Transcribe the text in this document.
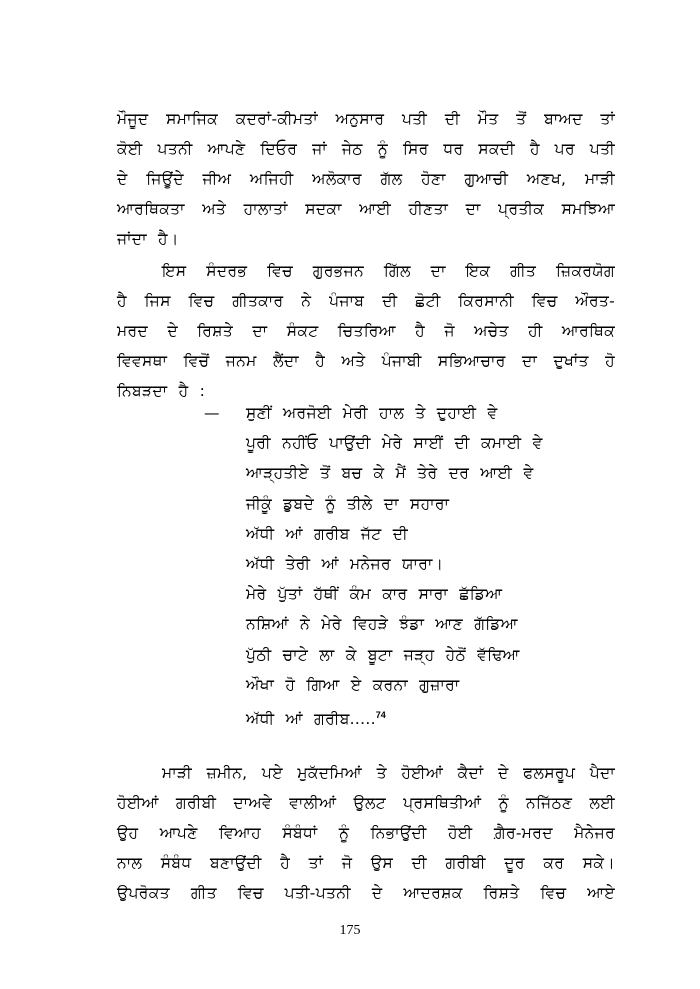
ਮੌਜੂਦ ਸਮਾਜਿਕ ਕਦਰਾਂ-ਕੀਮਤਾਂ ਅਨੁਸਾਰ ਪਤੀ ਦੀ ਮੌਤ ਤੋਂ ਬਾਅਦ ਤਾਂ
ਕੋਈ ਪਤਨੀ ਆਪਣੇ ਦਿਓਰ ਜਾਂ ਜੇਠ ਨੂੰ ਸਿਰ ਧਰ ਸਕਦੀ ਹੈ ਪਰ ਪਤੀ
ਦੇ ਜਿਊਂਦੇ ਜੀਅ ਅਜਿਹੀ ਅਲੋਕਾਰ ਗੱਲ ਹੋਣਾ ਗੁਆਚੀ ਅਣਖ, ਮਾੜੀ
ਆਰਥਿਕਤਾ ਅਤੇ ਹਾਲਾਤਾਂ ਸਦਕਾ ਆਈ ਹੀਣਤਾ ਦਾ ਪ੍ਰਤੀਕ ਸਮਝਿਆ
ਜਾਂਦਾ ਹੈ।
ਇਸ ਸੰਦਰਭ ਵਿਚ ਗੁਰਭਜਨ ਗਿੱਲ ਦਾ ਇਕ ਗੀਤ ਜ਼ਿਕਰਯੋਗ
ਹੈ ਜਿਸ ਵਿਚ ਗੀਤਕਾਰ ਨੇ ਪੰਜਾਬ ਦੀ ਛੋਟੀ ਕਿਰਸਾਨੀ ਵਿਚ ਔਰਤ-
ਮਰਦ ਦੇ ਰਿਸ਼ਤੇ ਦਾ ਸੰਕਟ ਚਿਤਰਿਆ ਹੈ ਜੋ ਅਚੇਤ ਹੀ ਆਰਥਿਕ
ਵਿਵਸਥਾ ਵਿਚੋਂ ਜਨਮ ਲੈਂਦਾ ਹੈ ਅਤੇ ਪੰਜਾਬੀ ਸਭਿਆਚਾਰ ਦਾ ਦੁਖਾਂਤ ਹੋ
ਨਿਬੜਦਾ ਹੈ :
— ਸੁਣੀਂ ਅਰਜੋਈ ਮੇਰੀ ਹਾਲ ਤੇ ਦੁਹਾਈ ਵੇ
ਪੂਰੀ ਨਹੀਂਓ ਪਾਉਂਦੀ ਮੇਰੇ ਸਾਈਂ ਦੀ ਕਮਾਈ ਵੇ
ਆੜ੍ਹਤੀਏ ਤੋਂ ਬਚ ਕੇ ਮੈਂ ਤੇਰੇ ਦਰ ਆਈ ਵੇ
ਜੀਕੂੰ ਡੁਬਦੇ ਨੂੰ ਤੀਲੇ ਦਾ ਸਹਾਰਾ
ਅੱਧੀ ਆਂ ਗਰੀਬ ਜੱਟ ਦੀ
ਅੱਧੀ ਤੇਰੀ ਆਂ ਮਨੇਜਰ ਯਾਰਾ।
ਮੇਰੇ ਪੁੱਤਾਂ ਹੱਥੀਂ ਕੰਮ ਕਾਰ ਸਾਰਾ ਛੱਡਿਆ
ਨਸ਼ਿਆਂ ਨੇ ਮੇਰੇ ਵਿਹੜੇ ਝੰਡਾ ਆਣ ਗੱਡਿਆ
ਪੁੱਠੀ ਚਾਟੇ ਲਾ ਕੇ ਬੂਟਾ ਜੜ੍ਹ ਹੇਠੋਂ ਵੱਢਿਆ
ਔਖਾ ਹੋ ਗਿਆ ਏ ਕਰਨਾ ਗੁਜ਼ਾਰਾ
ਅੱਧੀ ਆਂ ਗਰੀਬ.....$^{74}$
ਮਾੜੀ ਜ਼ਮੀਨ, ਪਏ ਮੁਕੱਦਮਿਆਂ ਤੇ ਹੋਈਆਂ ਕੈਦਾਂ ਦੇ ਫਲਸਰੂਪ ਪੈਦਾ
ਹੋਈਆਂ ਗਰੀਬੀ ਦਾਅਵੇ ਵਾਲੀਆਂ ਉਲਟ ਪ੍ਰਸਥਿਤੀਆਂ ਨੂੰ ਨਜਿੱਠਣ ਲਈ
ਉਹ ਆਪਣੇ ਵਿਆਹ ਸੰਬੰਧਾਂ ਨੂੰ ਨਿਭਾਉਂਦੀ ਹੋਈ ਗ਼ੈਰ-ਮਰਦ ਮੈਨੇਜਰ
ਨਾਲ ਸੰਬੰਧ ਬਣਾਉਂਦੀ ਹੈ ਤਾਂ ਜੋ ਉਸ ਦੀ ਗਰੀਬੀ ਦੂਰ ਕਰ ਸਕੇ।
ਉਪਰੋਕਤ ਗੀਤ ਵਿਚ ਪਤੀ-ਪਤਨੀ ਦੇ ਆਦਰਸ਼ਕ ਰਿਸ਼ਤੇ ਵਿਚ ਆਏ
175
